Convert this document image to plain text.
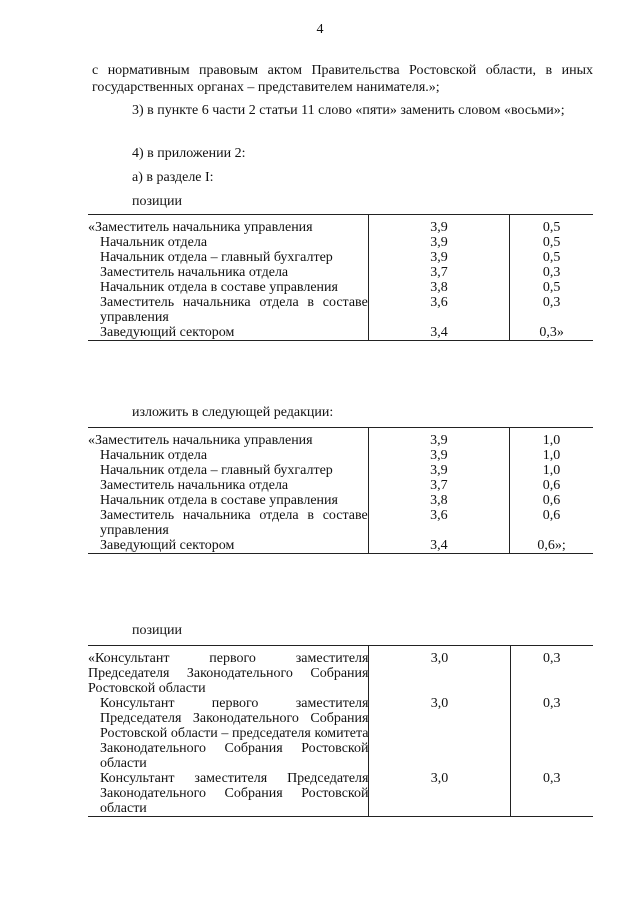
4
с нормативным правовым актом Правительства Ростовской области, в иных государственных органах – представителем нанимателя.»;
3) в пункте 6 части 2 статьи 11 слово «пяти» заменить словом «восьми»;
4) в приложении 2:
а) в разделе I:
позиции
«Заместитель начальника управления	3,9	0,5
Начальник отдела	3,9	0,5
Начальник отдела – главный бухгалтер	3,9	0,5
Заместитель начальника отдела	3,7	0,3
Начальник отдела в составе управления	3,8	0,5
Заместитель начальника отдела в составе управления	3,6	0,3
Заведующий сектором	3,4	0,3»
изложить в следующей редакции:
«Заместитель начальника управления	3,9	1,0
Начальник отдела	3,9	1,0
Начальник отдела – главный бухгалтер	3,9	1,0
Заместитель начальника отдела	3,7	0,6
Начальник отдела в составе управления	3,8	0,6
Заместитель начальника отдела в составе управления	3,6	0,6
Заведующий сектором	3,4	0,6»;
позиции
«Консультант первого заместителя Председателя Законодательного Собрания Ростовской области	3,0	0,3
Консультант первого заместителя Председателя Законодательного Собрания Ростовской области – председателя комитета Законодательного Собрания Ростовской области	3,0	0,3
Консультант заместителя Председателя Законодательного Собрания Ростовской области	3,0	0,3
